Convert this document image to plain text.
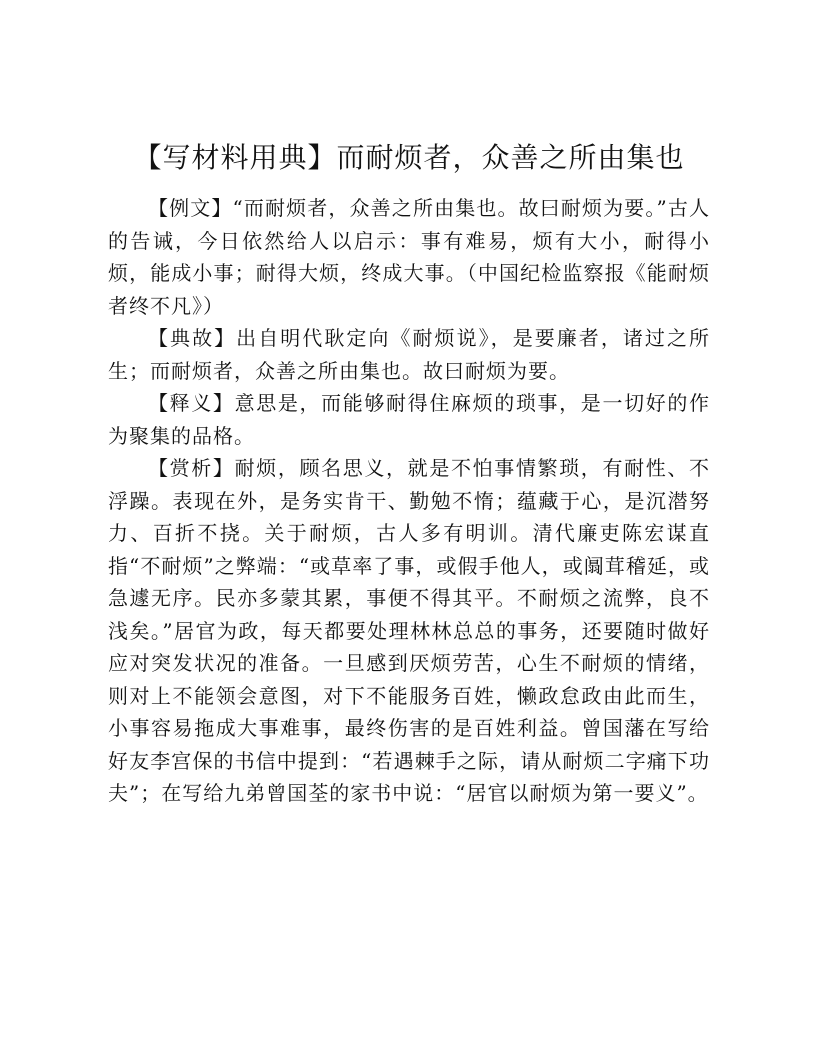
【写材料用典】而耐烦者，众善之所由集也

【例文】“而耐烦者，众善之所由集也。故曰耐烦为要。”古人的告诫，今日依然给人以启示：事有难易，烦有大小，耐得小烦，能成小事；耐得大烦，终成大事。（中国纪检监察报《能耐烦者终不凡》）

【典故】出自明代耿定向《耐烦说》，是要廉者，诸过之所生；而耐烦者，众善之所由集也。故曰耐烦为要。

【释义】意思是，而能够耐得住麻烦的琐事，是一切好的作为聚集的品格。

【赏析】耐烦，顾名思义，就是不怕事情繁琐，有耐性、不浮躁。表现在外，是务实肯干、勤勉不惰；蕴藏于心，是沉潜努力、百折不挠。关于耐烦，古人多有明训。清代廉吏陈宏谋直指“不耐烦”之弊端：“或草率了事，或假手他人，或阘茸稽延，或急遽无序。民亦多蒙其累，事便不得其平。不耐烦之流弊，良不浅矣。”居官为政，每天都要处理林林总总的事务，还要随时做好应对突发状况的准备。一旦感到厌烦劳苦，心生不耐烦的情绪，则对上不能领会意图，对下不能服务百姓，懒政怠政由此而生，小事容易拖成大事难事，最终伤害的是百姓利益。曾国藩在写给好友李宫保的书信中提到：“若遇棘手之际，请从耐烦二字痛下功夫”；在写给九弟曾国荃的家书中说：“居官以耐烦为第一要义”。
